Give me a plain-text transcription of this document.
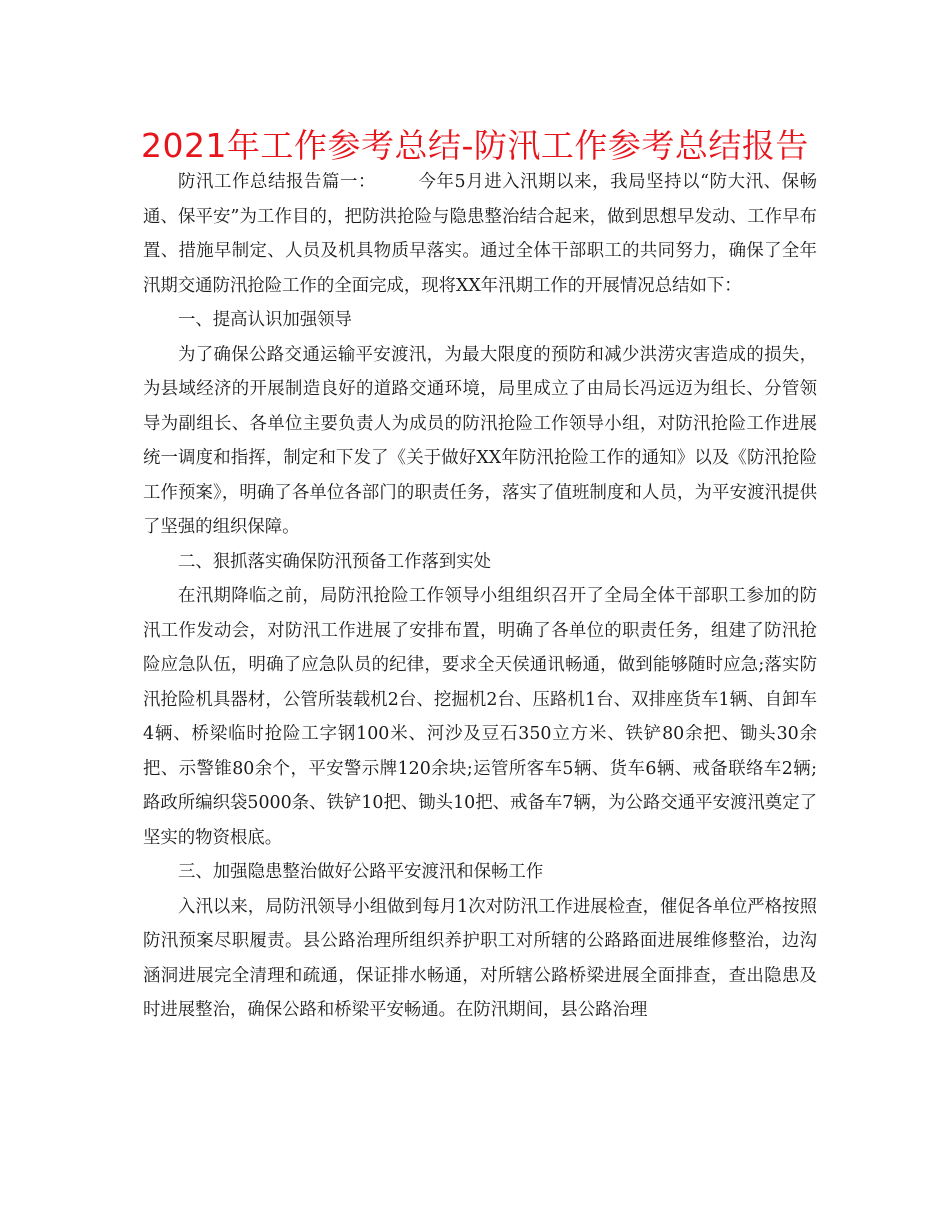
2021年工作参考总结-防汛工作参考总结报告

防汛工作总结报告篇一： 今年5月进入汛期以来，我局坚持以“防大汛、保畅通、保平安”为工作目的，把防洪抢险与隐患整治结合起来，做到思想早发动、工作早布置、措施早制定、人员及机具物质早落实。通过全体干部职工的共同努力，确保了全年汛期交通防汛抢险工作的全面完成，现将XX年汛期工作的开展情况总结如下：

一、提高认识加强领导

为了确保公路交通运输平安渡汛，为最大限度的预防和减少洪涝灾害造成的损失，为县域经济的开展制造良好的道路交通环境，局里成立了由局长冯远迈为组长、分管领导为副组长、各单位主要负责人为成员的防汛抢险工作领导小组，对防汛抢险工作进展统一调度和指挥，制定和下发了《关于做好XX年防汛抢险工作的通知》以及《防汛抢险工作预案》，明确了各单位各部门的职责任务，落实了值班制度和人员，为平安渡汛提供了坚强的组织保障。

二、狠抓落实确保防汛预备工作落到实处

在汛期降临之前，局防汛抢险工作领导小组组织召开了全局全体干部职工参加的防汛工作发动会，对防汛工作进展了安排布置，明确了各单位的职责任务，组建了防汛抢险应急队伍，明确了应急队员的纪律，要求全天侯通讯畅通，做到能够随时应急;落实防汛抢险机具器材，公管所装载机2台、挖掘机2台、压路机1台、双排座货车1辆、自卸车4辆、桥梁临时抢险工字钢100米、河沙及豆石350立方米、铁铲80余把、锄头30余把、示警锥80余个，平安警示牌120余块;运管所客车5辆、货车6辆、戒备联络车2辆;路政所编织袋5000条、铁铲10把、锄头10把、戒备车7辆，为公路交通平安渡汛奠定了坚实的物资根底。

三、加强隐患整治做好公路平安渡汛和保畅工作

入汛以来，局防汛领导小组做到每月1次对防汛工作进展检查，催促各单位严格按照防汛预案尽职履责。县公路治理所组织养护职工对所辖的公路路面进展维修整治，边沟涵洞进展完全清理和疏通，保证排水畅通，对所辖公路桥梁进展全面排查，查出隐患及时进展整治，确保公路和桥梁平安畅通。在防汛期间，县公路治理
